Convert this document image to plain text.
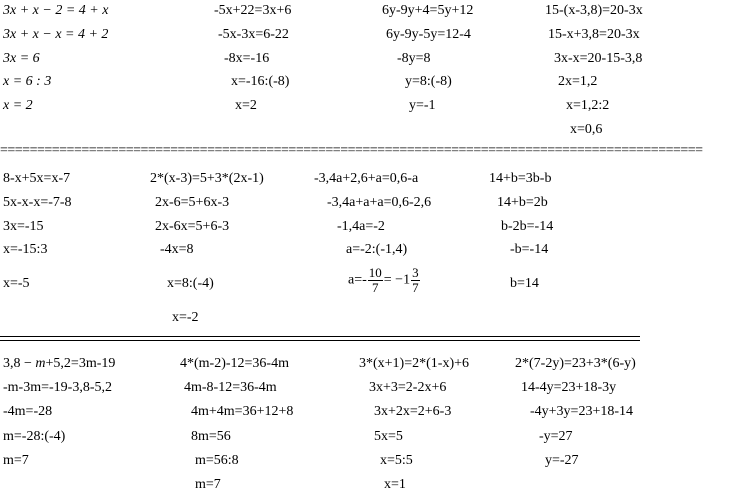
3x + x − 2 = 4 + x
3x + x − x = 4 + 2
3x = 6
x = 6 : 3
x = 2
-5x+22=3x+6
-5x-3x=6-22
-8x=-16
x=-16:(-8)
x=2
6y-9y+4=5y+12
6y-9y-5y=12-4
-8y=8
y=8:(-8)
y=-1
15-(x-3,8)=20-3x
15-x+3,8=20-3x
3x-x=20-15-3,8
2x=1,2
x=1,2:2
x=0,6
===============================================================================================
8-x+5x=x-7
5x-x-x=-7-8
3x=-15
x=-15:3
x=-5
2*(x-3)=5+3*(2x-1)
2x-6=5+6x-3
2x-6x=5+6-3
-4x=8
x=8:(-4)
x=-2
-3,4a+2,6+a=0,6-a
-3,4a+a+a=0,6-2,6
-1,4a=-2
a=-2:(-1,4)
$a=- \frac{10}{7} = -1 \frac{3}{7}$
14+b=3b-b
14+b=2b
b-2b=-14
-b=-14
b=14
3,8 − m+5,2=3m-19
-m-3m=-19-3,8-5,2
-4m=-28
m=-28:(-4)
m=7
4*(m-2)-12=36-4m
4m-8-12=36-4m
4m+4m=36+12+8
8m=56
m=56:8
m=7
3*(x+1)=2*(1-x)+6
3x+3=2-2x+6
3x+2x=2+6-3
5x=5
x=5:5
x=1
2*(7-2y)=23+3*(6-y)
14-4y=23+18-3y
-4y+3y=23+18-14
-y=27
y=-27
